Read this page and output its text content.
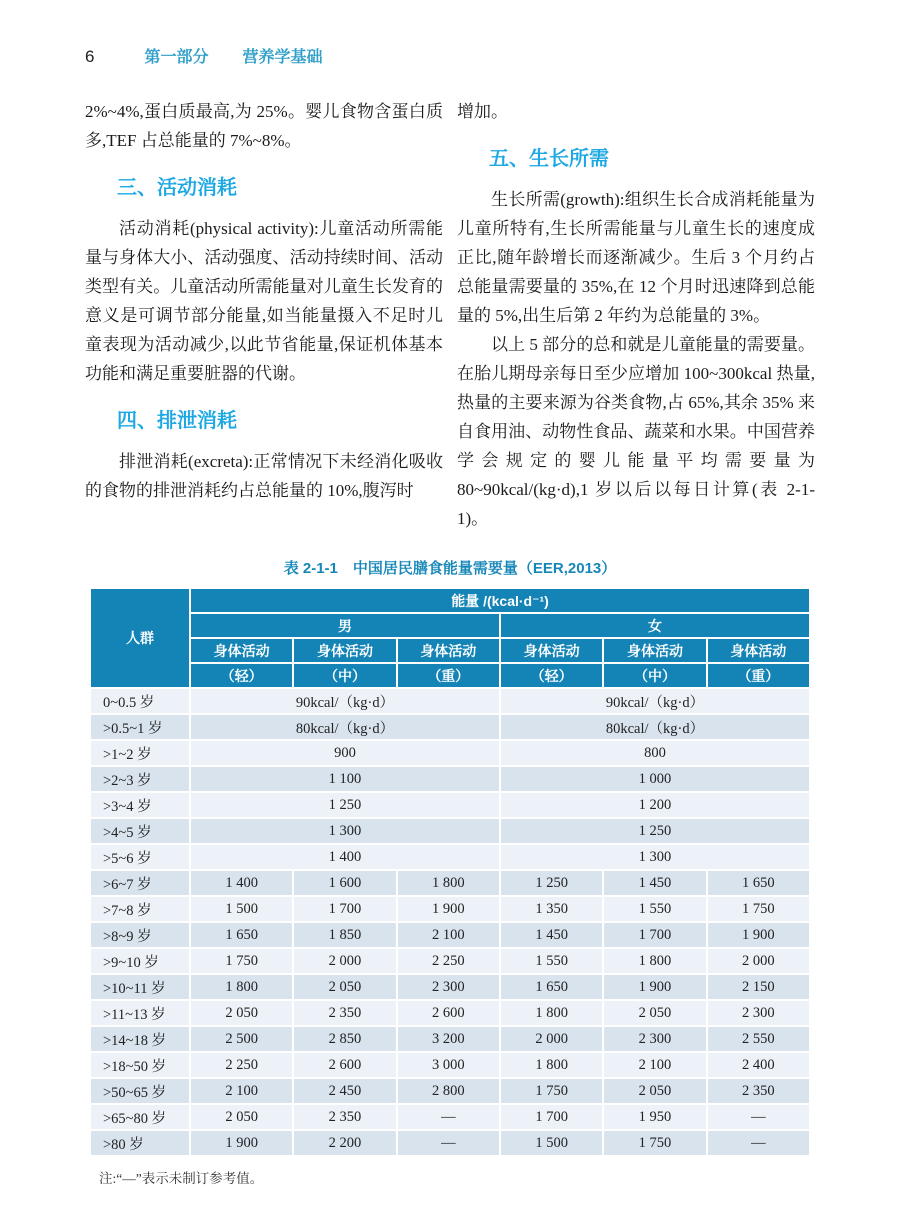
6	第一部分 营养学基础

2%~4%,蛋白质最高,为 25%。婴儿食物含蛋白质多,TEF 占总能量的 7%~8%。

三、活动消耗

活动消耗(physical activity):儿童活动所需能量与身体大小、活动强度、活动持续时间、活动类型有关。儿童活动所需能量对儿童生长发育的意义是可调节部分能量,如当能量摄入不足时儿童表现为活动减少,以此节省能量,保证机体基本功能和满足重要脏器的代谢。

四、排泄消耗

排泄消耗(excreta):正常情况下未经消化吸收的食物的排泄消耗约占总能量的 10%,腹泻时

增加。

五、生长所需

生长所需(growth):组织生长合成消耗能量为儿童所特有,生长所需能量与儿童生长的速度成正比,随年龄增长而逐渐减少。生后 3 个月约占总能量需要量的 35%,在 12 个月时迅速降到总能量的 5%,出生后第 2 年约为总能量的 3%。

以上 5 部分的总和就是儿童能量的需要量。在胎儿期母亲每日至少应增加 100~300kcal 热量,热量的主要来源为谷类食物,占 65%,其余 35% 来自食用油、动物性食品、蔬菜和水果。中国营养学会规定的婴儿能量平均需要量为 80~90kcal/(kg·d),1 岁以后以每日计算(表 2-1-1)。

表 2-1-1　中国居民膳食能量需要量（EER,2013）
人群	能量 /(kcal·d⁻¹)					
	男			女		
	身体活动	身体活动	身体活动	身体活动	身体活动	身体活动
	（轻）	（中）	（重）	（轻）	（中）	（重）
0~0.5 岁	90kcal/（kg·d）			90kcal/（kg·d）		
>0.5~1 岁	80kcal/（kg·d）			80kcal/（kg·d）		
>1~2 岁	900			800		
>2~3 岁	1 100			1 000		
>3~4 岁	1 250			1 200		
>4~5 岁	1 300			1 250		
>5~6 岁	1 400			1 300		
>6~7 岁	1 400	1 600	1 800	1 250	1 450	1 650
>7~8 岁	1 500	1 700	1 900	1 350	1 550	1 750
>8~9 岁	1 650	1 850	2 100	1 450	1 700	1 900
>9~10 岁	1 750	2 000	2 250	1 550	1 800	2 000
>10~11 岁	1 800	2 050	2 300	1 650	1 900	2 150
>11~13 岁	2 050	2 350	2 600	1 800	2 050	2 300
>14~18 岁	2 500	2 850	3 200	2 000	2 300	2 550
>18~50 岁	2 250	2 600	3 000	1 800	2 100	2 400
>50~65 岁	2 100	2 450	2 800	1 750	2 050	2 350
>65~80 岁	2 050	2 350	—	1 700	1 950	—
>80 岁	1 900	2 200	—	1 500	1 750	—
注:“—”表示未制订参考值。
